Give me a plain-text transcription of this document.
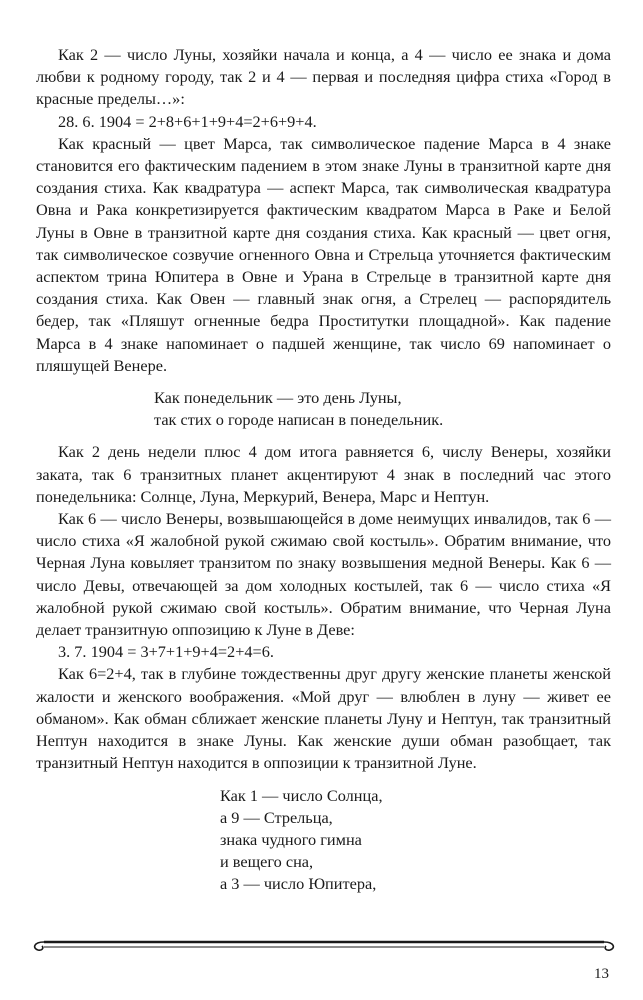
Как 2 — число Луны, хозяйки начала и конца, а 4 — число ее знака и дома любви к родному городу, так 2 и 4 — первая и последняя цифра стиха «Город в красные пределы…»:

28. 6. 1904 = 2+8+6+1+9+4=2+6+9+4.

Как красный — цвет Марса, так символическое падение Марса в 4 знаке становится его фактическим падением в этом знаке Луны в транзитной карте дня создания стиха. Как квадратура — аспект Марса, так символическая квадратура Овна и Рака конкретизируется фактическим квадратом Марса в Раке и Белой Луны в Овне в транзитной карте дня создания стиха. Как красный — цвет огня, так символическое созвучие огненного Овна и Стрельца уточняется фактическим аспектом трина Юпитера в Овне и Урана в Стрельце в транзитной карте дня создания стиха. Как Овен — главный знак огня, а Стрелец — распорядитель бедер, так «Пляшут огненные бедра Проститутки площадной». Как падение Марса в 4 знаке напоминает о падшей женщине, так число 69 напоминает о пляшущей Венере.

Как понедельник — это день Луны,
так стих о городе написан в понедельник.

Как 2 день недели плюс 4 дом итога равняется 6, числу Венеры, хозяйки заката, так 6 транзитных планет акцентируют 4 знак в последний час этого понедельника: Солнце, Луна, Меркурий, Венера, Марс и Нептун.

Как 6 — число Венеры, возвышающейся в доме неимущих инвалидов, так 6 — число стиха «Я жалобной рукой сжимаю свой костыль». Обратим внимание, что Черная Луна ковыляет транзитом по знаку возвышения медной Венеры. Как 6 — число Девы, отвечающей за дом холодных костылей, так 6 — число стиха «Я жалобной рукой сжимаю свой костыль». Обратим внимание, что Черная Луна делает транзитную оппозицию к Луне в Деве:

3. 7. 1904 = 3+7+1+9+4=2+4=6.

Как 6=2+4, так в глубине тождественны друг другу женские планеты женской жалости и женского воображения. «Мой друг — влюблен в луну — живет ее обманом». Как обман сближает женские планеты Луну и Нептун, так транзитный Нептун находится в знаке Луны. Как женские души обман разобщает, так транзитный Нептун находится в оппозиции к транзитной Луне.

Как 1 — число Солнца,
а 9 — Стрельца,
знака чудного гимна
и вещего сна,
а 3 — число Юпитера,
13
